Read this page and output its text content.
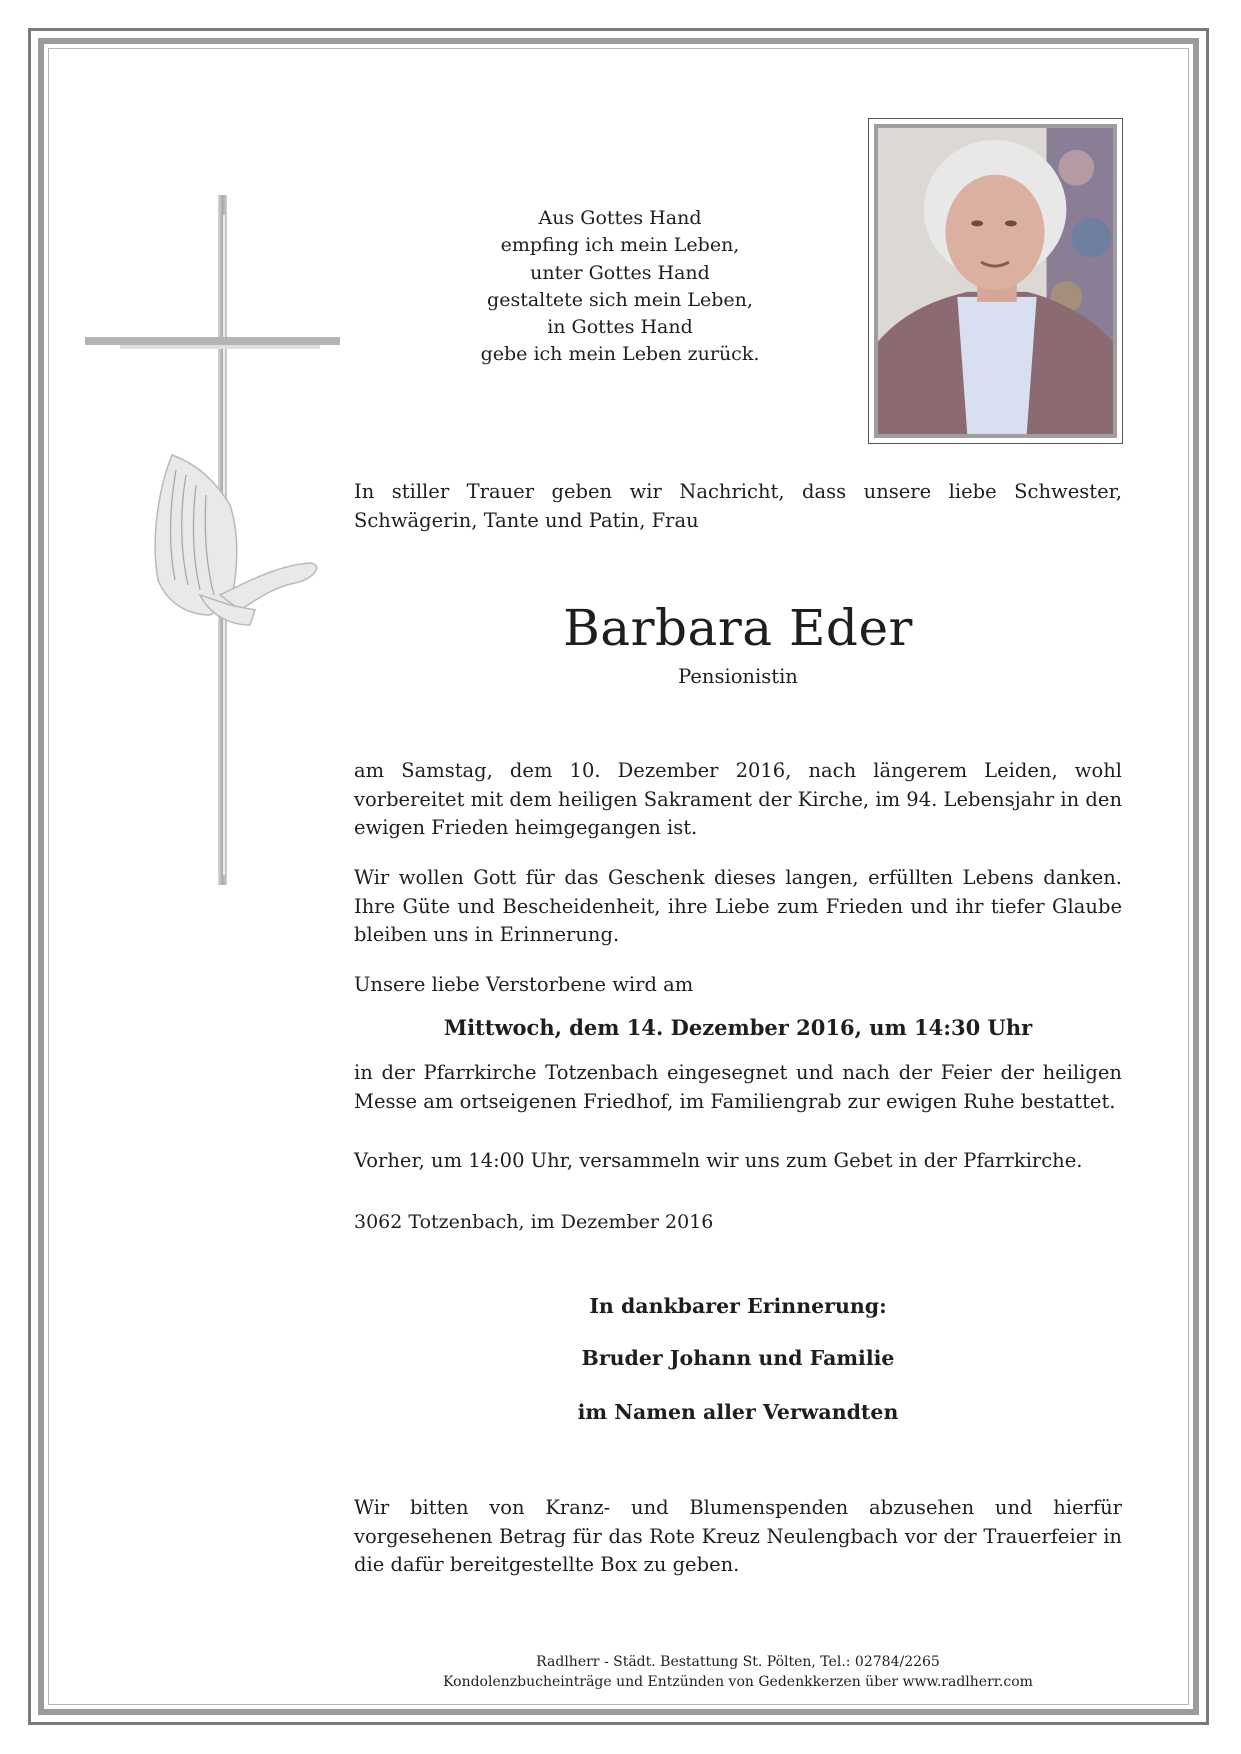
Aus Gottes Hand
empfing ich mein Leben,
unter Gottes Hand
gestaltete sich mein Leben,
in Gottes Hand
gebe ich mein Leben zurück.
In stiller Trauer geben wir Nachricht, dass unsere liebe Schwester, Schwägerin, Tante und Patin, Frau
Barbara Eder
Pensionistin
am Samstag, dem 10. Dezember 2016, nach längerem Leiden, wohl vorbereitet mit dem heiligen Sakrament der Kirche, im 94. Lebensjahr in den ewigen Frieden heimgegangen ist.
Wir wollen Gott für das Geschenk dieses langen, erfüllten Lebens danken. Ihre Güte und Bescheidenheit, ihre Liebe zum Frieden und ihr tiefer Glaube bleiben uns in Erinnerung.
Unsere liebe Verstorbene wird am
Mittwoch, dem 14. Dezember 2016, um 14:30 Uhr
in der Pfarrkirche Totzenbach eingesegnet und nach der Feier der heiligen Messe am ortseigenen Friedhof, im Familiengrab zur ewigen Ruhe bestattet.
Vorher, um 14:00 Uhr, versammeln wir uns zum Gebet in der Pfarrkirche.
3062 Totzenbach, im Dezember 2016
In dankbarer Erinnerung:
Bruder Johann und Familie
im Namen aller Verwandten
Wir bitten von Kranz- und Blumenspenden abzusehen und hierfür vorgesehenen Betrag für das Rote Kreuz Neulengbach vor der Trauerfeier in die dafür bereitgestellte Box zu geben.
Radlherr - Städt. Bestattung St. Pölten, Tel.: 02784/2265
Kondolenzbucheinträge und Entzünden von Gedenkkerzen über www.radlherr.com
